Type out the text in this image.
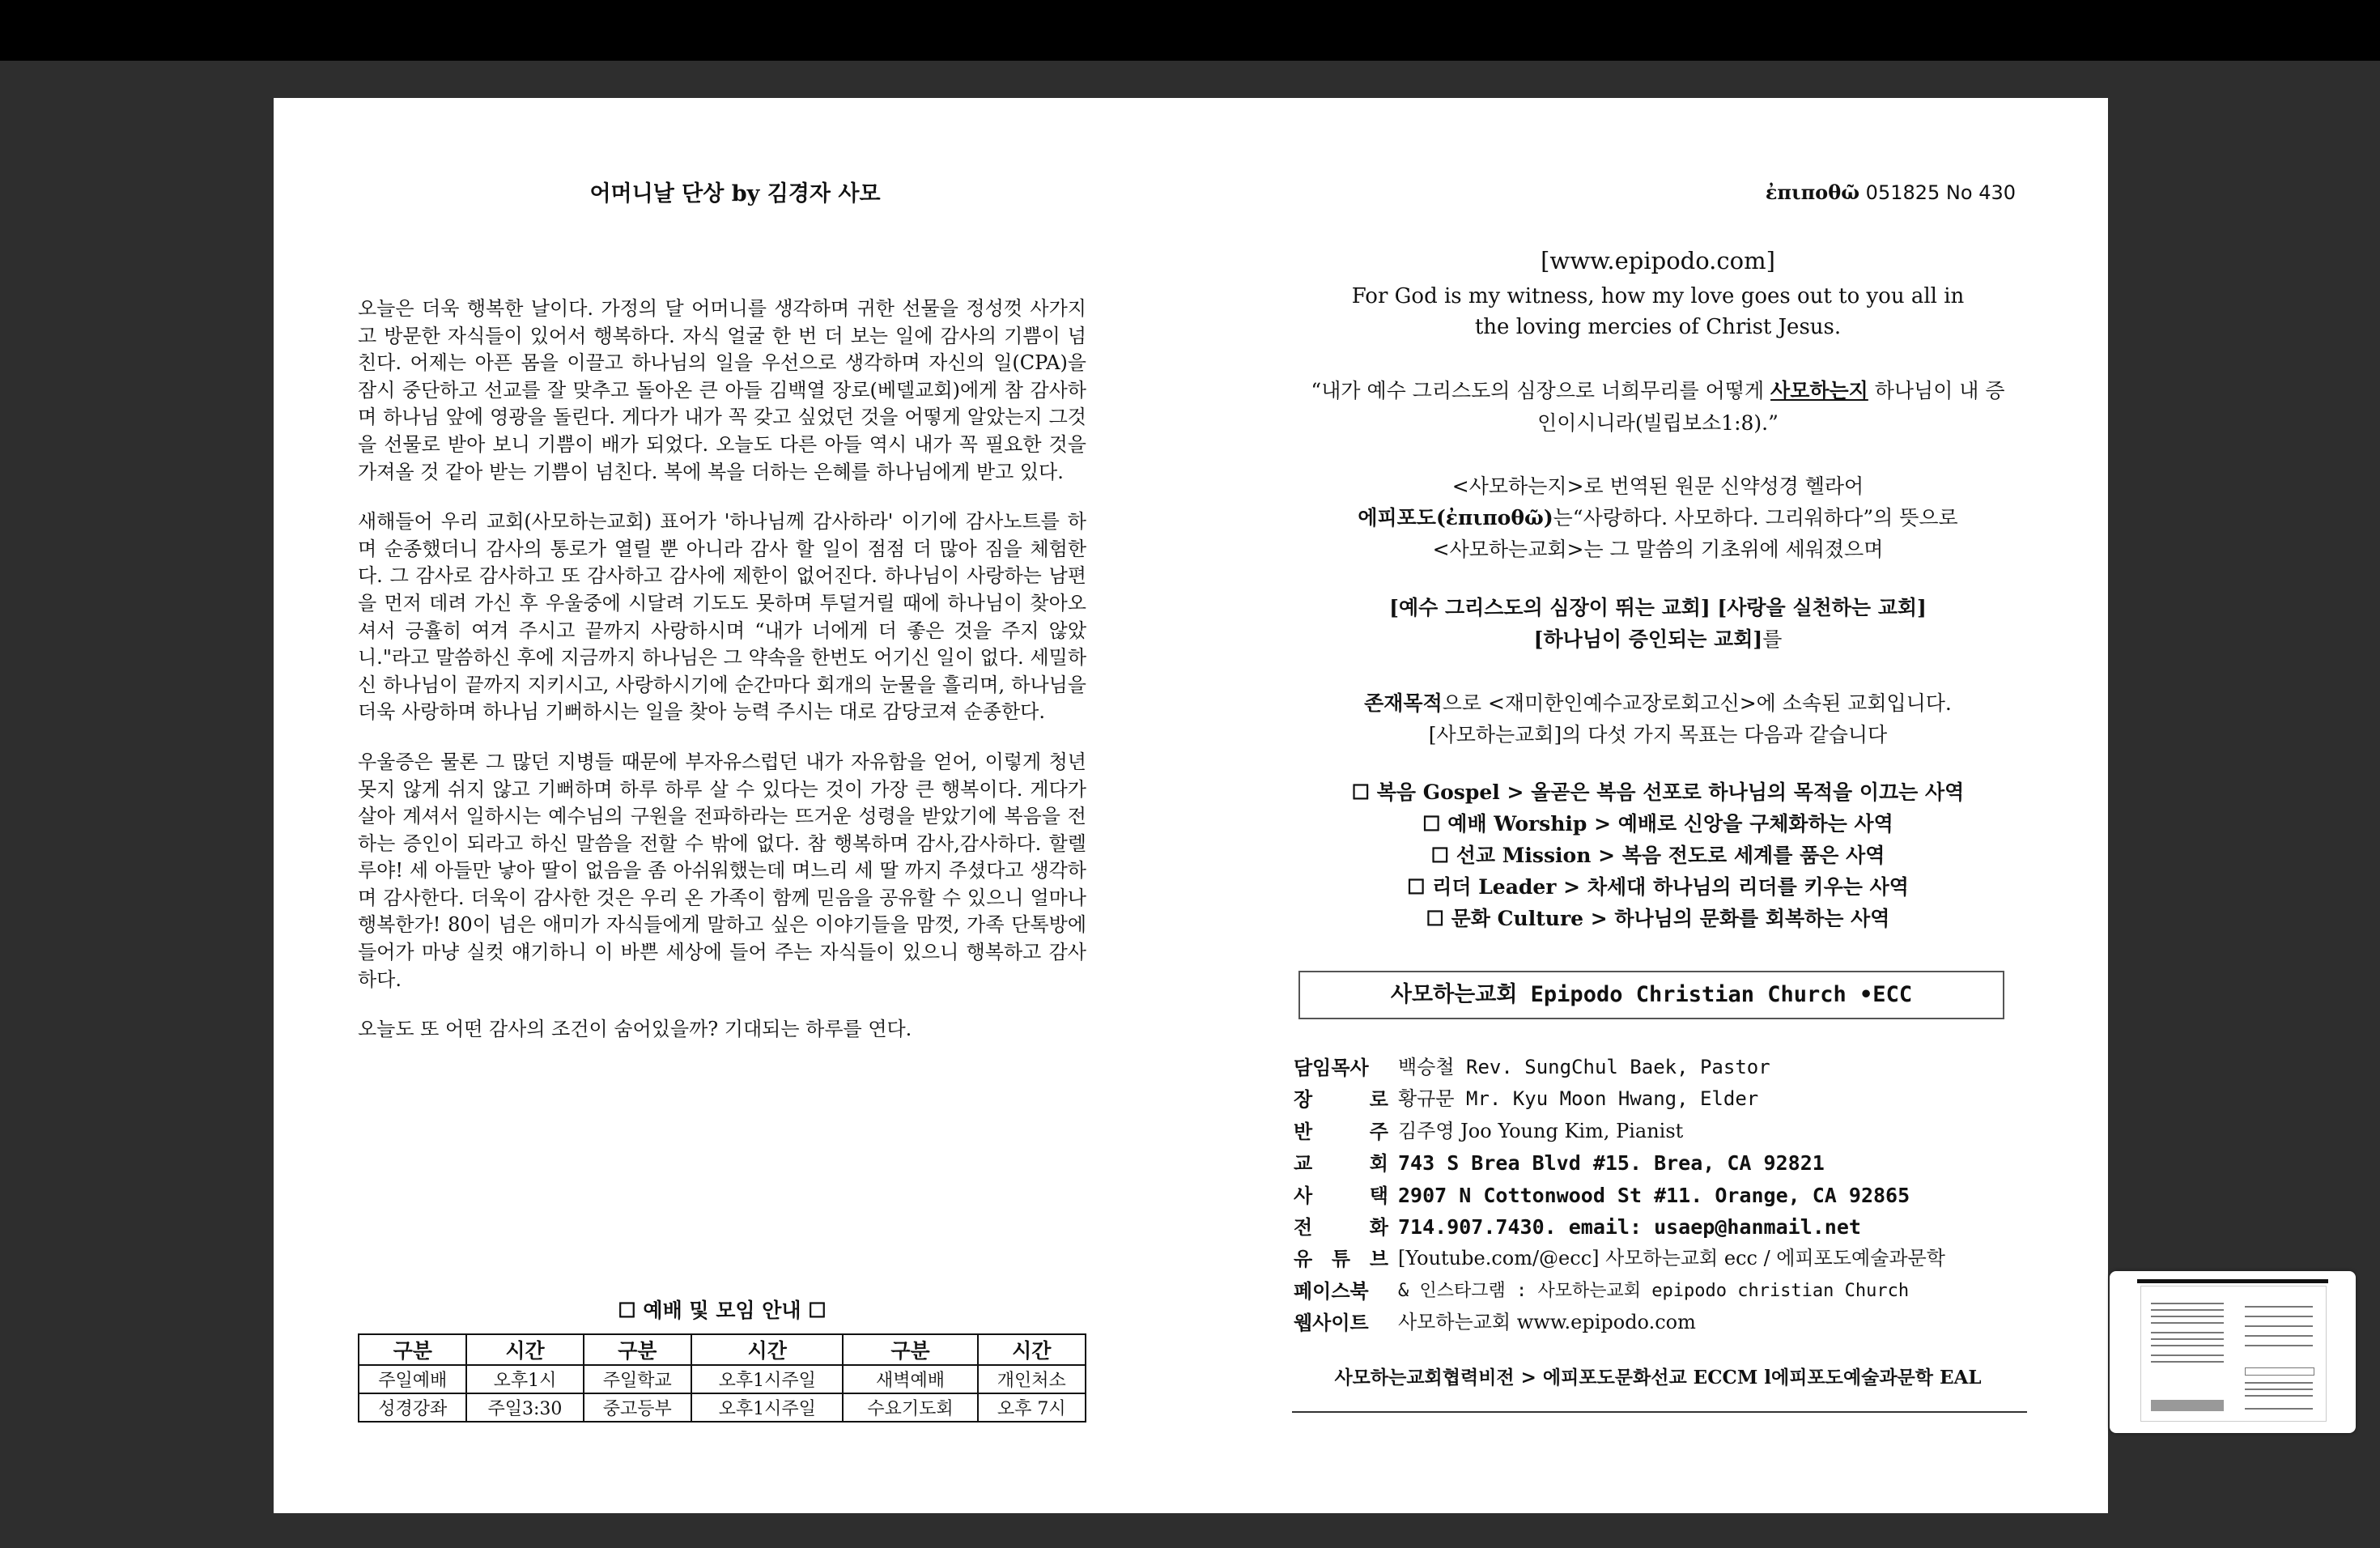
어머니날 단상 by 김경자 사모

오늘은 더욱 행복한 날이다. 가정의 달 어머니를 생각하며 귀한 선물을 정성껏 사가지고 방문한 자식들이 있어서 행복하다. 자식 얼굴 한 번 더 보는 일에 감사의 기쁨이 넘친다. 어제는 아픈 몸을 이끌고 하나님의 일을 우선으로 생각하며 자신의 일(CPA)을 잠시 중단하고 선교를 잘 맞추고 돌아온 큰 아들 김백열 장로(베델교회)에게 참 감사하며 하나님 앞에 영광을 돌린다. 게다가 내가 꼭 갖고 싶었던 것을 어떻게 알았는지 그것을 선물로 받아 보니 기쁨이 배가 되었다. 오늘도 다른 아들 역시 내가 꼭 필요한 것을 가져올 것 같아 받는 기쁨이 넘친다. 복에 복을 더하는 은혜를 하나님에게 받고 있다.

새해들어 우리 교회(사모하는교회) 표어가 '하나님께 감사하라' 이기에 감사노트를 하며 순종했더니 감사의 통로가 열릴 뿐 아니라 감사 할 일이 점점 더 많아 짐을 체험한다. 그 감사로 감사하고 또 감사하고 감사에 제한이 없어진다. 하나님이 사랑하는 남편을 먼저 데려 가신 후 우울중에 시달려 기도도 못하며 투덜거릴 때에 하나님이 찾아오셔서 긍휼히 여겨 주시고 끝까지 사랑하시며 “내가 너에게 더 좋은 것을 주지 않았니."라고 말씀하신 후에 지금까지 하나님은 그 약속을 한번도 어기신 일이 없다. 세밀하신 하나님이 끝까지 지키시고, 사랑하시기에 순간마다 회개의 눈물을 흘리며, 하나님을 더욱 사랑하며 하나님 기뻐하시는 일을 찾아 능력 주시는 대로 감당코져 순종한다.

우울증은 물론 그 많던 지병들 때문에 부자유스럽던 내가 자유함을 얻어, 이렇게 청년 못지 않게 쉬지 않고 기뻐하며 하루 하루 살 수 있다는 것이 가장 큰 행복이다. 게다가 살아 계셔서 일하시는 예수님의 구원을 전파하라는 뜨거운 성령을 받았기에 복음을 전하는 증인이 되라고 하신 말씀을 전할 수 밖에 없다. 참 행복하며 감사,감사하다. 할렐루야! 세 아들만 낳아 딸이 없음을 좀 아쉬워했는데 며느리 세 딸 까지 주셨다고 생각하며 감사한다. 더욱이 감사한 것은 우리 온 가족이 함께 믿음을 공유할 수 있으니 얼마나 행복한가! 80이 넘은 애미가 자식들에게 말하고 싶은 이야기들을 맘껏, 가족 단톡방에 들어가 마냥 실컷 얘기하니 이 바쁜 세상에 들어 주는 자식들이 있으니 행복하고 감사하다.

오늘도 또 어떤 감사의 조건이 숨어있을까? 기대되는 하루를 연다.

☐ 예배 및 모임 안내 ☐
구분	시간	구분	시간	구분	시간
주일예배	오후1시	주일학교	오후1시주일	새벽예배	개인처소
성경강좌	주일3:30	중고등부	오후1시주일	수요기도회	오후 7시
ἐπιποθῶ 051825 No 430
[www.epipodo.com]
For God is my witness, how my love goes out to you all in the loving mercies of Christ Jesus.
“내가 예수 그리스도의 심장으로 너희무리를 어떻게 사모하는지 하나님이 내 증인이시니라(빌립보소1:8).”
<사모하는지>로 번역된 원문 신약성경 헬라어
에피포도(ἐπιποθῶ)는“사랑하다. 사모하다. 그리워하다”의 뜻으로
<사모하는교회>는 그 말씀의 기초위에 세워졌으며
[예수 그리스도의 심장이 뛰는 교회] [사랑을 실천하는 교회]
[하나님이 증인되는 교회]를
존재목적으로 <재미한인예수교장로회고신>에 소속된 교회입니다.
[사모하는교회]의 다섯 가지 목표는 다음과 같습니다
☐ 복음 Gospel > 올곧은 복음 선포로 하나님의 목적을 이끄는 사역
☐ 예배 Worship > 예배로 신앙을 구체화하는 사역
☐ 선교 Mission > 복음 전도로 세계를 품은 사역
☐ 리더 Leader > 차세대 하나님의 리더를 키우는 사역
☐ 문화 Culture > 하나님의 문화를 회복하는 사역
사모하는교회 Epipodo Christian Church •ECC
담임목사	백승철 Rev. SungChul Baek, Pastor
장 로 황규문 Mr. Kyu Moon Hwang, Elder
반 주 김주영 Joo Young Kim, Pianist
교 회 743 S Brea Blvd #15. Brea, CA 92821
사 택 2907 N Cottonwood St #11. Orange, CA 92865
전 화 714.907.7430. email: usaep@hanmail.net
유 튜 브 [Youtube.com/@ecc] 사모하는교회 ecc / 에피포도예술과문학
페이스북	& 인스타그램 : 사모하는교회 epipodo christian Church
웹사이트	사모하는교회 www.epipodo.com
사모하는교회협력비전 > 에피포도문화선교 ECCM l에피포도예술과문학 EAL
